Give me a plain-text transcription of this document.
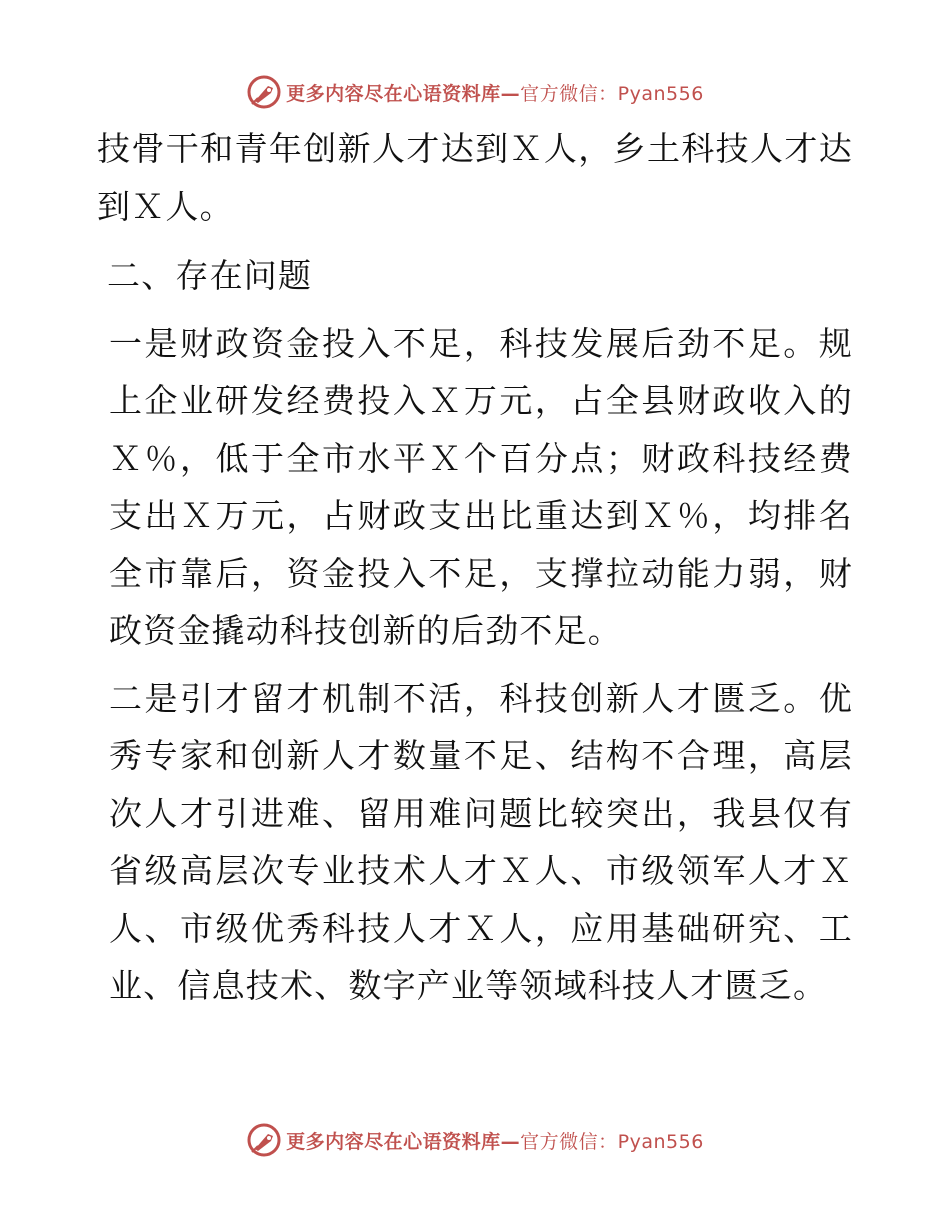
更多内容尽在心语资料库—官方微信：Pyan556

技骨干和青年创新人才达到Ｘ人，乡土科技人才达到Ｘ人。

二、存在问题

一是财政资金投入不足，科技发展后劲不足。规上企业研发经费投入Ｘ万元，占全县财政收入的Ｘ％，低于全市水平Ｘ个百分点；财政科技经费支出Ｘ万元，占财政支出比重达到Ｘ％，均排名全市靠后，资金投入不足，支撑拉动能力弱，财政资金撬动科技创新的后劲不足。

二是引才留才机制不活，科技创新人才匮乏。优秀专家和创新人才数量不足、结构不合理，高层次人才引进难、留用难问题比较突出，我县仅有省级高层次专业技术人才Ｘ人、市级领军人才Ｘ人、市级优秀科技人才Ｘ人，应用基础研究、工业、信息技术、数字产业等领域科技人才匮乏。

更多内容尽在心语资料库—官方微信：Pyan556
